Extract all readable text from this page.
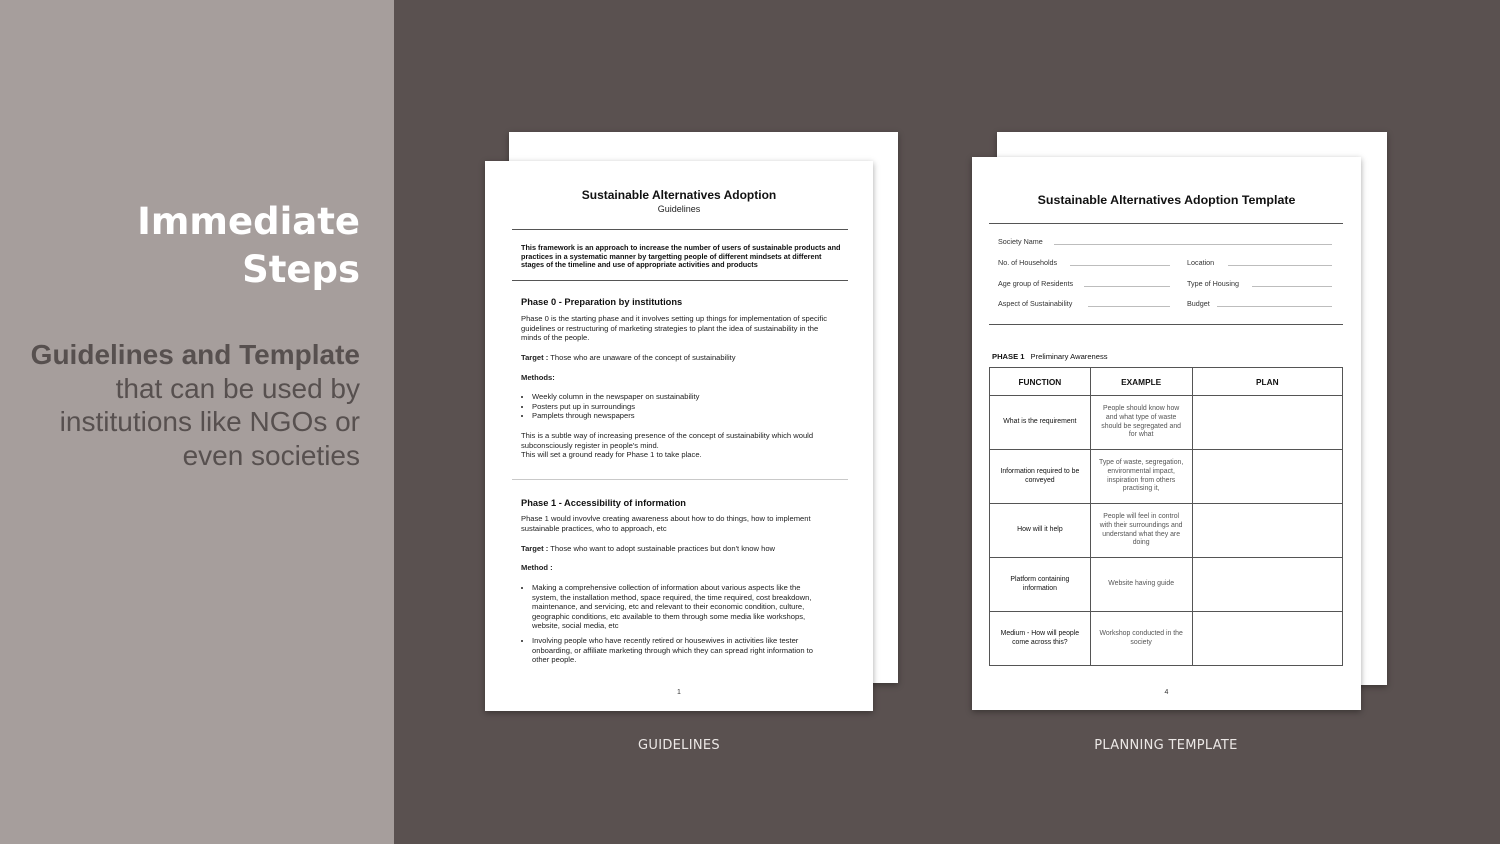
Immediate
Steps
Guidelines and Template that can be used by institutions like NGOs or even societies
Sustainable Alternatives Adoption
Guidelines
This framework is an approach to increase the number of users of sustainable products and practices in a systematic manner by targetting people of different mindsets at different stages of the timeline and use of appropriate activities and products
Phase 0 - Preparation by institutions
Phase 0 is the starting phase and it involves setting up things for implementation of specific guidelines or restructuring of marketing strategies to plant the idea of sustainability in the minds of the people.
Target : Those who are unaware of the concept of sustainability
Methods:
• Weekly column in the newspaper on sustainability
• Posters put up in surroundings
• Pamplets through newspapers
This is a subtle way of increasing presence of the concept of sustainability which would subconsciously register in people's mind.
This will set a ground ready for Phase 1 to take place.
Phase 1 - Accessibility of information
Phase 1 would invovlve creating awareness about how to do things, how to implement sustainable practices, who to approach, etc
Target : Those who want to adopt sustainable practices but don't know how
Method :
• Making a comprehensive collection of information about various aspects like the system, the installation method, space required, the time required, cost breakdown, maintenance, and servicing, etc and relevant to their economic condition, culture, geographic conditions, etc available to them through some media like workshops, website, social media, etc
• Involving people who have recently retired or housewives in activities like tester onboarding, or affiliate marketing through which they can spread right information to other people.
1
GUIDELINES
Sustainable Alternatives Adoption Template
Society Name
No. of Households	Location
Age group of Residents	Type of Housing
Aspect of Sustainability	Budget
PHASE 1 Preliminary Awareness
FUNCTION	EXAMPLE	PLAN
What is the requirement	People should know how and what type of waste should be segregated and for what	
Information required to be conveyed	Type of waste, segregation, environmental impact, inspiration from others practising it,	
How will it help	People will feel in control with their surroundings and understand what they are doing	
Platform containing information	Website having guide	
Medium - How will people come across this?	Workshop conducted in the society	
4
PLANNING TEMPLATE
